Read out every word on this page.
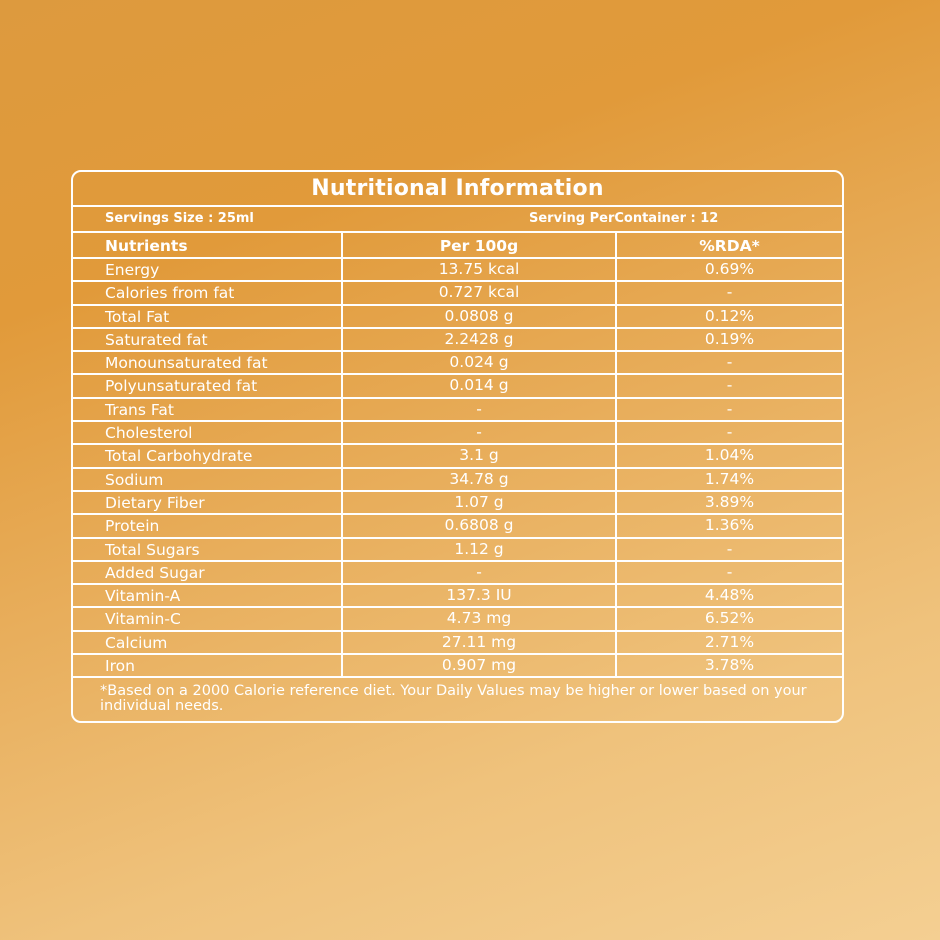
Nutritional Information
Servings Size : 25ml	Serving PerContainer : 12
Nutrients	Per 100g	%RDA*
Energy	13.75 kcal	0.69%
Calories from fat	0.727 kcal	-
Total Fat	0.0808 g	0.12%
Saturated fat	2.2428 g	0.19%
Monounsaturated fat	0.024 g	-
Polyunsaturated fat	0.014 g	-
Trans Fat	-	-
Cholesterol	-	-
Total Carbohydrate	3.1 g	1.04%
Sodium	34.78 g	1.74%
Dietary Fiber	1.07 g	3.89%
Protein	0.6808 g	1.36%
Total Sugars	1.12 g	-
Added Sugar	-	-
Vitamin-A	137.3 IU	4.48%
Vitamin-C	4.73 mg	6.52%
Calcium	27.11 mg	2.71%
Iron	0.907 mg	3.78%
*Based on a 2000 Calorie reference diet. Your Daily Values may be higher or lower based on your individual needs.
